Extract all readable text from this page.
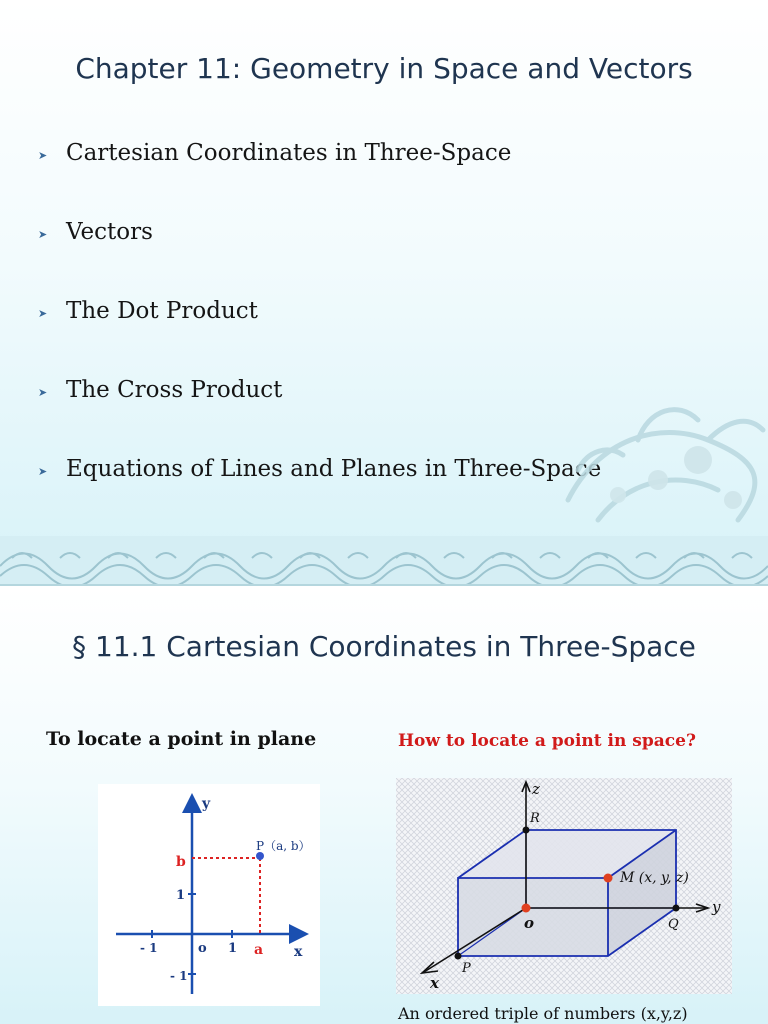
Chapter 11: Geometry in Space and Vectors
➤ Cartesian Coordinates in Three-Space
➤ Vectors
➤ The Dot Product
➤ The Cross Product
➤ Equations of Lines and Planes in Three-Space
§ 11.1 Cartesian Coordinates in Three-Space
To locate a point in plane	How to locate a point in space?
y
x
o
P（a, b）
b
a
1
- 1
1
- 1
z
y
x
o
R
Q
P
M (x, y, z)
An ordered triple of numbers (x,y,z)
